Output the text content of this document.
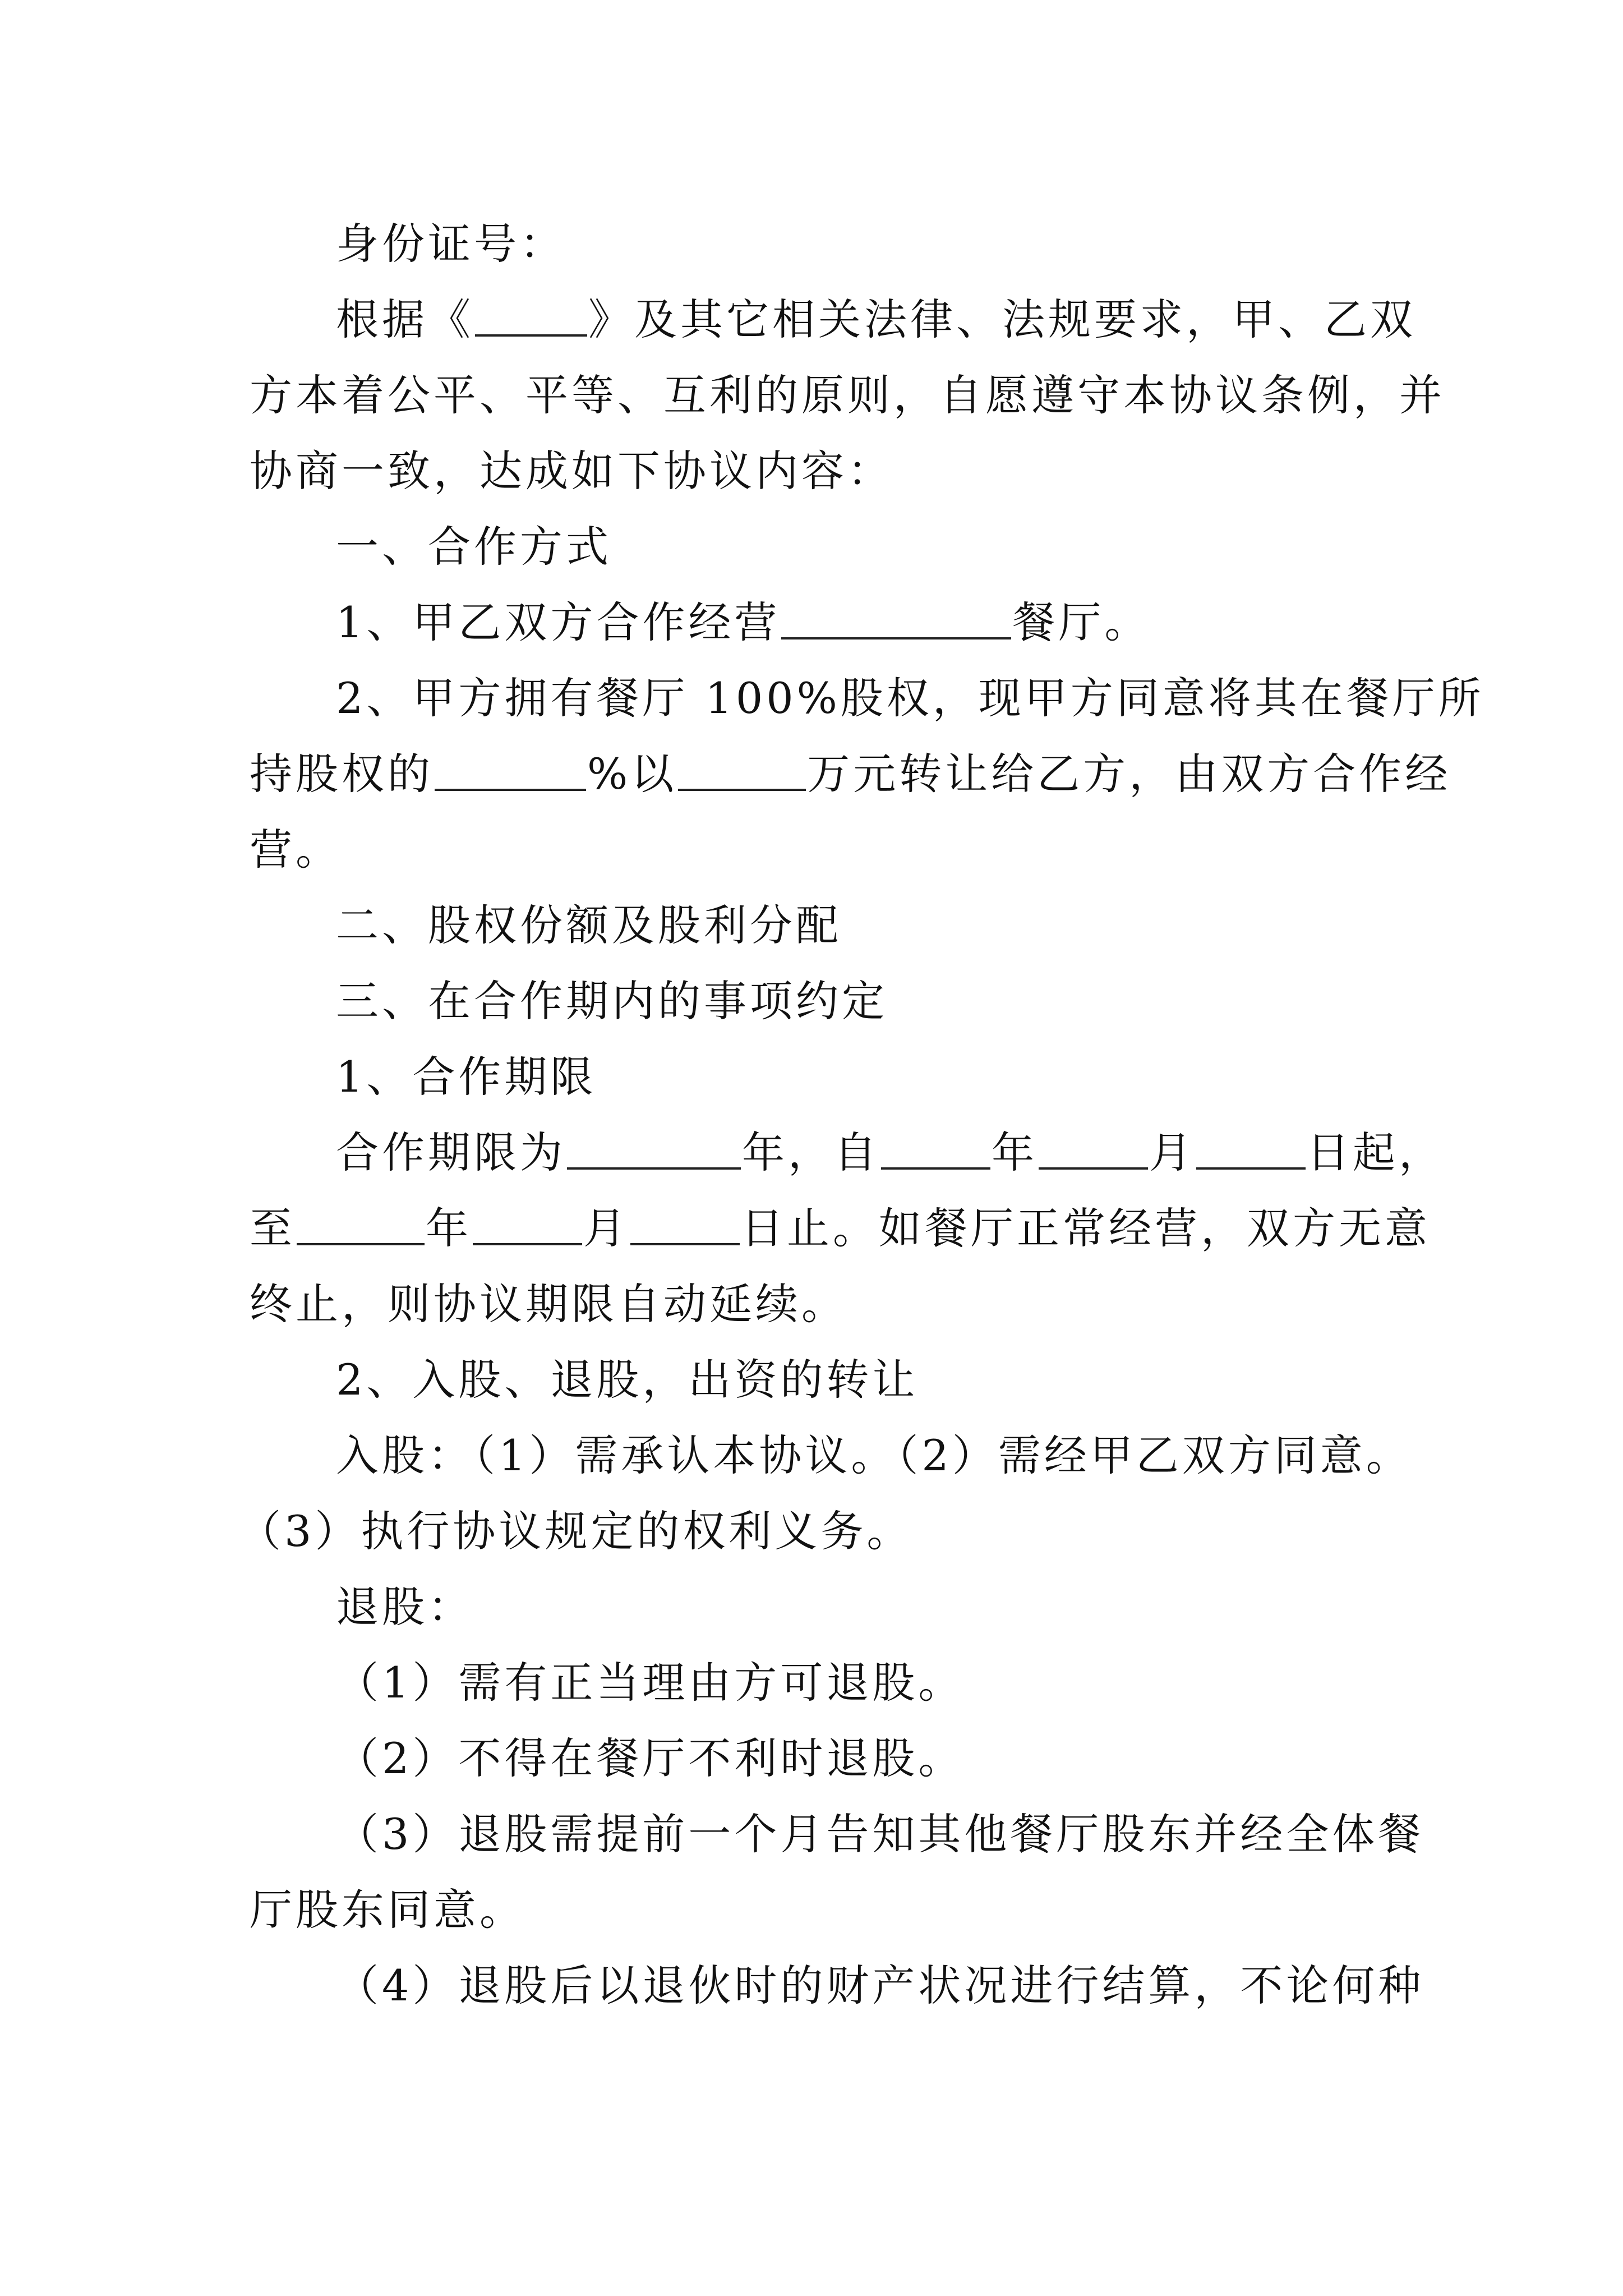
身份证号：
根据《	》及其它相关法律、法规要求，甲、乙双
方本着公平、平等、互利的原则，自愿遵守本协议条例，并
协商一致，达成如下协议内容：
一、合作方式
1、甲乙双方合作经营	餐厅。
2、甲方拥有餐厅 100%股权，现甲方同意将其在餐厅所
持股权的	%以	万元转让给乙方，由双方合作经
营。
二、股权份额及股利分配
三、在合作期内的事项约定
1、合作期限
合作期限为	年，自	年	月	日起，
至	年	月	日止。如餐厅正常经营，双方无意
终止，则协议期限自动延续。
2、入股、退股，出资的转让
入股：（1）需承认本协议。（2）需经甲乙双方同意。
（3）执行协议规定的权利义务。
退股：
（1）需有正当理由方可退股。
（2）不得在餐厅不利时退股。
（3）退股需提前一个月告知其他餐厅股东并经全体餐
厅股东同意。
（4）退股后以退伙时的财产状况进行结算，不论何种
